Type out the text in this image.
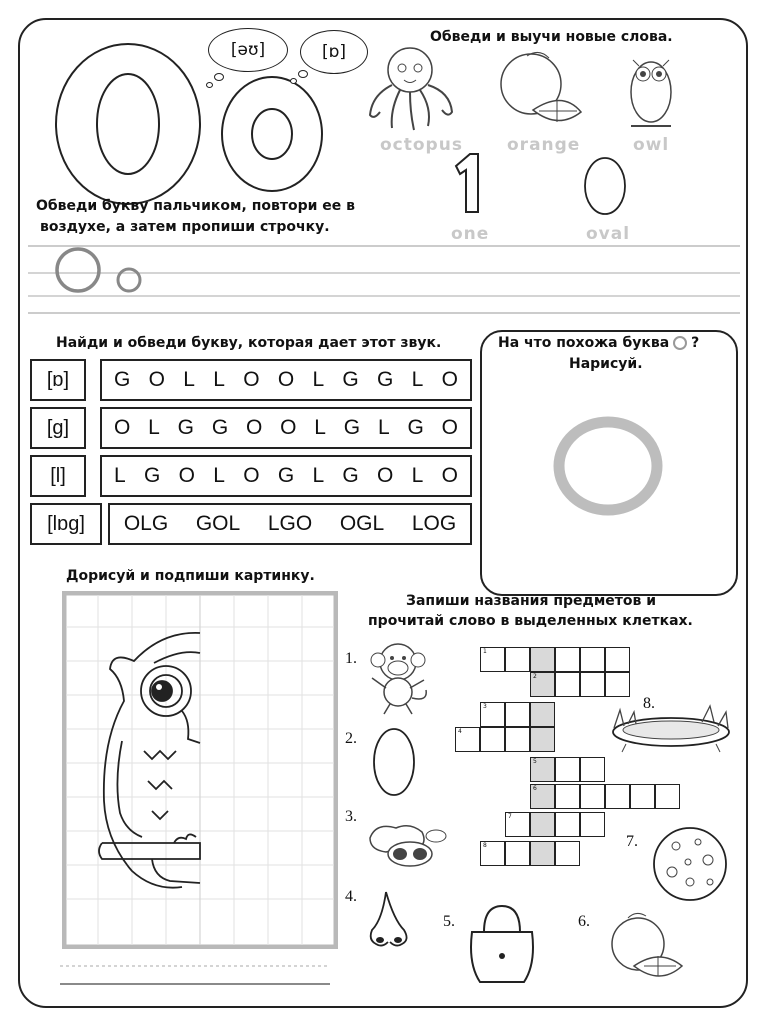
[əʊ]	[ɒ]
Обведи и выучи новые слова.
octopus	orange	owl
one	oval
Обведи букву пальчиком, повтори ее в
воздухе, а затем пропиши строчку.
Найди и обведи букву, которая дает этот звук.
[ɒ] G O L L O O L G G L O
[g] O L G G O O L G L G O
[l] L G O L O G L G O L O
[lɒg] OLG GOL LGO OGL LOG
На что похожа буква ?
Нарисуй.
Дорисуй и подпиши картинку.
Запиши названия предметов и
прочитай слово в выделенных клетках.
1.
2.
3.
4.
5.	6.
7.
8.
1
2
3
4
5
6
7
8
